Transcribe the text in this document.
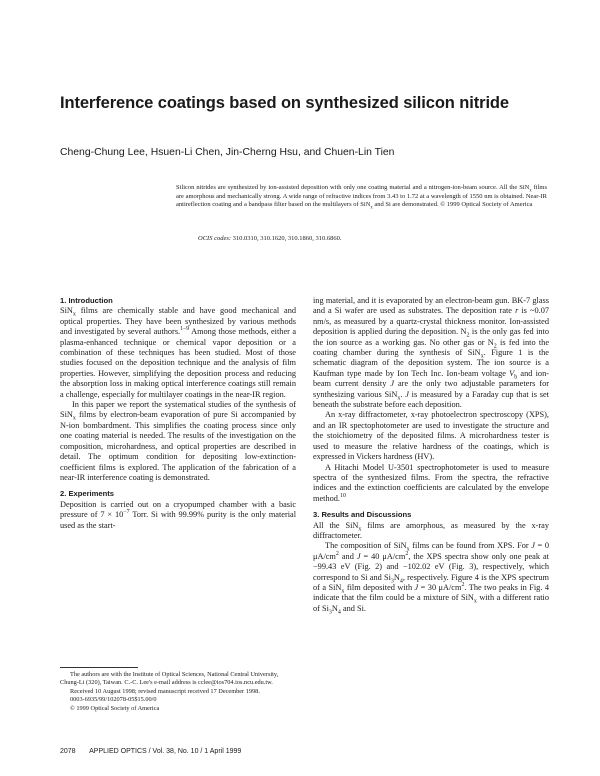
Interference coatings based on synthesized silicon nitride
Cheng-Chung Lee, Hsuen-Li Chen, Jin-Cherng Hsu, and Chuen-Lin Tien

Silicon nitrides are synthesized by ion-assisted deposition with only one coating material and a nitrogen-ion-beam source. All the SiN$_x$ films are amorphous and mechanically strong. A wide range of refractive indices from 3.43 to 1.72 at a wavelength of 1550 nm is obtained. Near-IR antireflection coating and a bandpass filter based on the multilayers of SiN$_x$ and Si are demonstrated. © 1999 Optical Society of America

OCIS codes: 310.0310, 310.1620, 310.1860, 310.6860.

1. Introduction

SiN$_x$ films are chemically stable and have good mechanical and optical properties. They have been synthesized by various methods and investigated by several authors.$^{1-9}$ Among those methods, either a plasma-enhanced technique or chemical vapor deposition or a combination of these techniques has been studied. Most of those studies focused on the deposition technique and the analysis of film properties. However, simplifying the deposition process and reducing the absorption loss in making optical interference coatings still remain a challenge, especially for multilayer coatings in the near-IR region.

In this paper we report the systematical studies of the synthesis of SiN$_x$ films by electron-beam evaporation of pure Si accompanied by N-ion bombardment. This simplifies the coating process since only one coating material is needed. The results of the investigation on the composition, microhardness, and optical properties are described in detail. The optimum condition for depositing low-extinction-coefficient films is explored. The application of the fabrication of a near-IR interference coating is demonstrated.

2. Experiments

Deposition is carried out on a cryopumped chamber with a basic pressure of $7 \times 10^{-7}$ Torr. Si with 99.99% purity is the only material used as the start-

ing material, and it is evaporated by an electron-beam gun. BK-7 glass and a Si wafer are used as substrates. The deposition rate r is ~0.07 nm/s, as measured by a quartz-crystal thickness monitor. Ion-assisted deposition is applied during the deposition. $N_2$ is the only gas fed into the ion source as a working gas. No other gas or $N_2$ is fed into the coating chamber during the synthesis of SiN$_x$. Figure 1 is the schematic diagram of the deposition system. The ion source is a Kaufman type made by Ion Tech Inc. Ion-beam voltage $V_b$ and ion-beam current density J are the only two adjustable parameters for synthesizing various SiN$_x$. J is measured by a Faraday cup that is set beneath the substrate before each deposition.

An x-ray diffractometer, x-ray photoelectron spectroscopy (XPS), and an IR spectophotometer are used to investigate the structure and the stoichiometry of the deposited films. A microhardness tester is used to measure the relative hardness of the coatings, which is expressed in Vickers hardness (HV).

A Hitachi Model U-3501 spectrophotometer is used to measure spectra of the synthesized films. From the spectra, the refractive indices and the extinction coefficients are calculated by the envelope method.$^{10}$

3. Results and Discussions

All the SiN$_x$ films are amorphous, as measured by the x-ray diffractometer.

The composition of SiN$_x$ films can be found from XPS. For J = 0 $\mu A/cm^2$ and J = 40 $\mu A/cm^2$, the XPS spectra show only one peak at −99.43 eV (Fig. 2) and −102.02 eV (Fig. 3), respectively, which correspond to Si and $Si_3N_4$, respectively. Figure 4 is the XPS spectrum of a SiN$_x$ film deposited with J = 30 $\mu A/cm^2$. The two peaks in Fig. 4 indicate that the film could be a mixture of SiN$_x$ with a different ratio of $Si_3N_4$ and Si.

The authors are with the Institute of Optical Sciences, National Central University, Chung-Li (320), Taiwan. C.-C. Lee's e-mail address is cclee@ios704.ios.ncu.edu.tw.

Received 10 August 1998; revised manuscript received 17 December 1998.

0003-6935/99/102078-05$15.00/0

© 1999 Optical Society of America

2078 APPLIED OPTICS / Vol. 38, No. 10 / 1 April 1999
